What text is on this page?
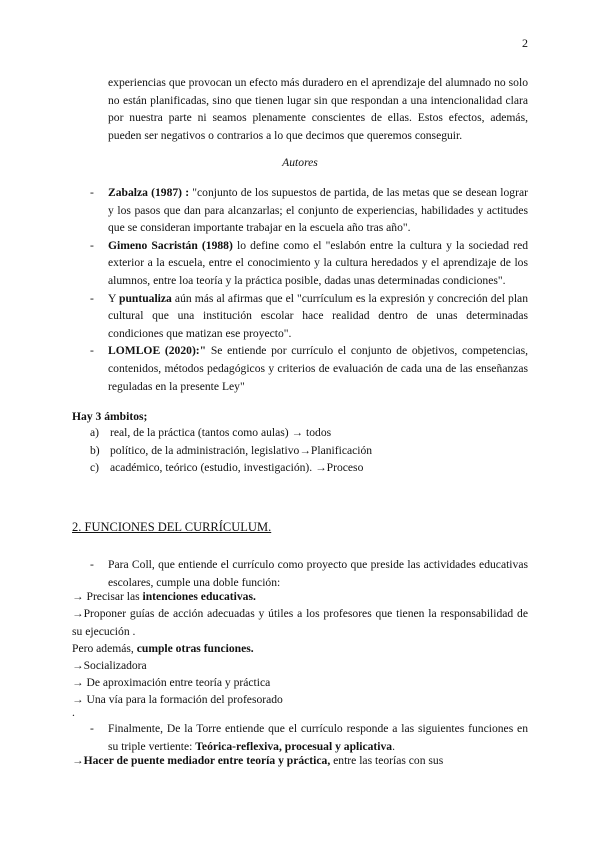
2

experiencias que provocan un efecto más duradero en el aprendizaje del alumnado no solo no están planificadas, sino que tienen lugar sin que respondan a una intencionalidad clara por nuestra parte ni seamos plenamente conscientes de ellas. Estos efectos, además, pueden ser negativos o contrarios a lo que decimos que queremos conseguir.

Autores
- Zabalza (1987) : "conjunto de los supuestos de partida, de las metas que se desean lograr y los pasos que dan para alcanzarlas; el conjunto de experiencias, habilidades y actitudes que se consideran importante trabajar en la escuela año tras año".
- Gimeno Sacristán (1988) lo define como el "eslabón entre la cultura y la sociedad red exterior a la escuela, entre el conocimiento y la cultura heredados y el aprendizaje de los alumnos, entre loa teoría y la práctica posible, dadas unas determinadas condiciones".
- Y puntualiza aún más al afirmas que el "currículum es la expresión y concreción del plan cultural que una institución escolar hace realidad dentro de unas determinadas condiciones que matizan ese proyecto".
- LOMLOE (2020):" Se entiende por currículo el conjunto de objetivos, competencias, contenidos, métodos pedagógicos y criterios de evaluación de cada una de las enseñanzas reguladas en la presente Ley"
Hay 3 ámbitos;
a) real, de la práctica (tantos como aulas) → todos
b) político, de la administración, legislativo→Planificación
c) académico, teórico (estudio, investigación). →Proceso
2. FUNCIONES DEL CURRÍCULUM.
-	Para Coll, que entiende el currículo como proyecto que preside las actividades educativas escolares, cumple una doble función:
→ Precisar las intenciones educativas.
→Proponer guías de acción adecuadas y útiles a los profesores que tienen la responsabilidad de su ejecución .
Pero además, cumple otras funciones.
→Socializadora
→ De aproximación entre teoría y práctica
→ Una vía para la formación del profesorado
.
-	Finalmente, De la Torre entiende que el currículo responde a las siguientes funciones en su triple vertiente: Teórica-reflexiva, procesual y aplicativa.
→Hacer de puente mediador entre teoría y práctica, entre las teorías con sus
